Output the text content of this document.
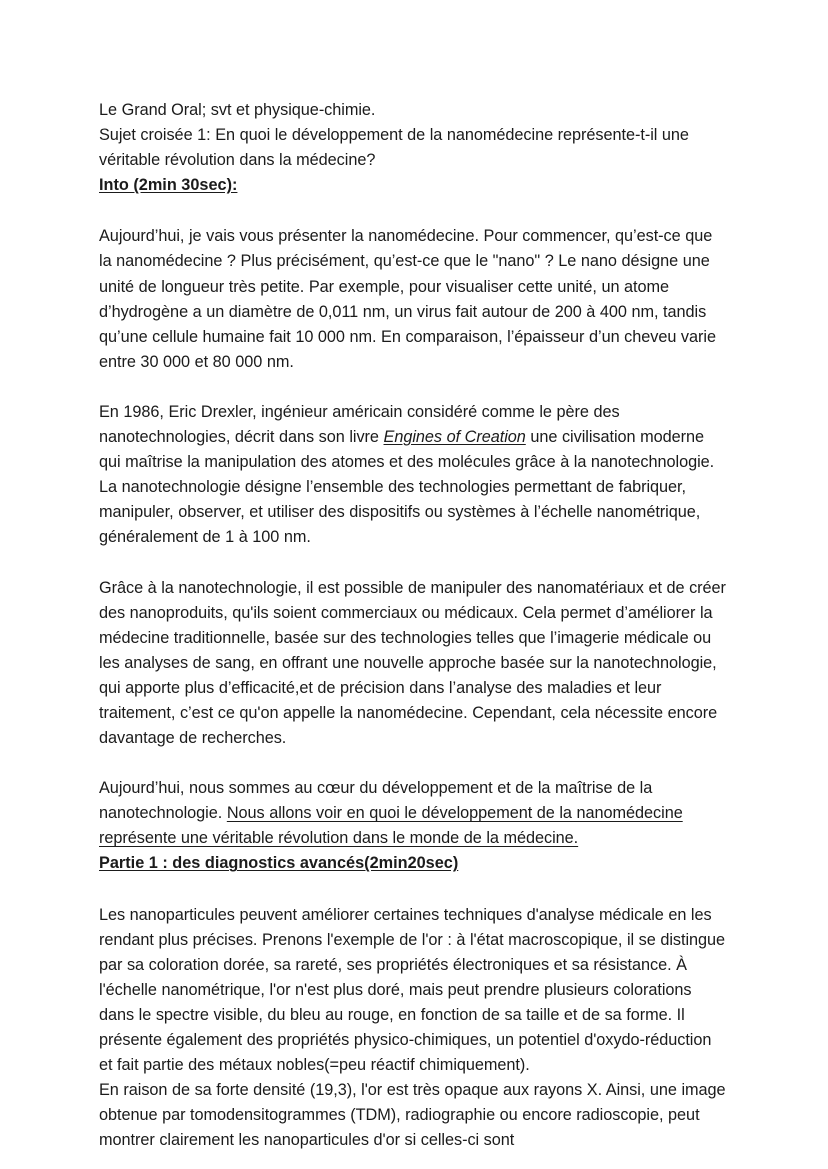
Le Grand Oral; svt et physique-chimie.

Sujet croisée 1: En quoi le développement de la nanomédecine représente-t-il une véritable révolution dans la médecine?

Into (2min 30sec):

Aujourd’hui, je vais vous présenter la nanomédecine. Pour commencer, qu’est-ce que la nanomédecine ? Plus précisément, qu’est-ce que le "nano" ? Le nano désigne une unité de longueur très petite. Par exemple, pour visualiser cette unité, un atome d’hydrogène a un diamètre de 0,011 nm, un virus fait autour de 200 à 400 nm, tandis qu’une cellule humaine fait 10 000 nm. En comparaison, l’épaisseur d’un cheveu varie entre 30 000 et 80 000 nm.

En 1986, Eric Drexler, ingénieur américain considéré comme le père des nanotechnologies, décrit dans son livre Engines of Creation une civilisation moderne qui maîtrise la manipulation des atomes et des molécules grâce à la nanotechnologie. La nanotechnologie désigne l’ensemble des technologies permettant de fabriquer, manipuler, observer, et utiliser des dispositifs ou systèmes à l’échelle nanométrique, généralement de 1 à 100 nm.

Grâce à la nanotechnologie, il est possible de manipuler des nanomatériaux et de créer des nanoproduits, qu'ils soient commerciaux ou médicaux. Cela permet d’améliorer la médecine traditionnelle, basée sur des technologies telles que l’imagerie médicale ou les analyses de sang, en offrant une nouvelle approche basée sur la nanotechnologie, qui apporte plus d’efficacité,et de précision dans l’analyse des maladies et leur traitement, c’est ce qu'on appelle la nanomédecine. Cependant, cela nécessite encore davantage de recherches.

Aujourd’hui, nous sommes au cœur du développement et de la maîtrise de la nanotechnologie. Nous allons voir en quoi le développement de la nanomédecine représente une véritable révolution dans le monde de la médecine.

Partie 1 : des diagnostics avancés(2min20sec)

Les nanoparticules peuvent améliorer certaines techniques d'analyse médicale en les rendant plus précises. Prenons l'exemple de l'or : à l'état macroscopique, il se distingue par sa coloration dorée, sa rareté, ses propriétés électroniques et sa résistance. À l'échelle nanométrique, l'or n'est plus doré, mais peut prendre plusieurs colorations dans le spectre visible, du bleu au rouge, en fonction de sa taille et de sa forme. Il présente également des propriétés physico-chimiques, un potentiel d'oxydo-réduction et fait partie des métaux nobles(=peu réactif chimiquement).

En raison de sa forte densité (19,3), l'or est très opaque aux rayons X. Ainsi, une image obtenue par tomodensitogrammes (TDM), radiographie ou encore radioscopie, peut montrer clairement les nanoparticules d'or si celles-ci sont
